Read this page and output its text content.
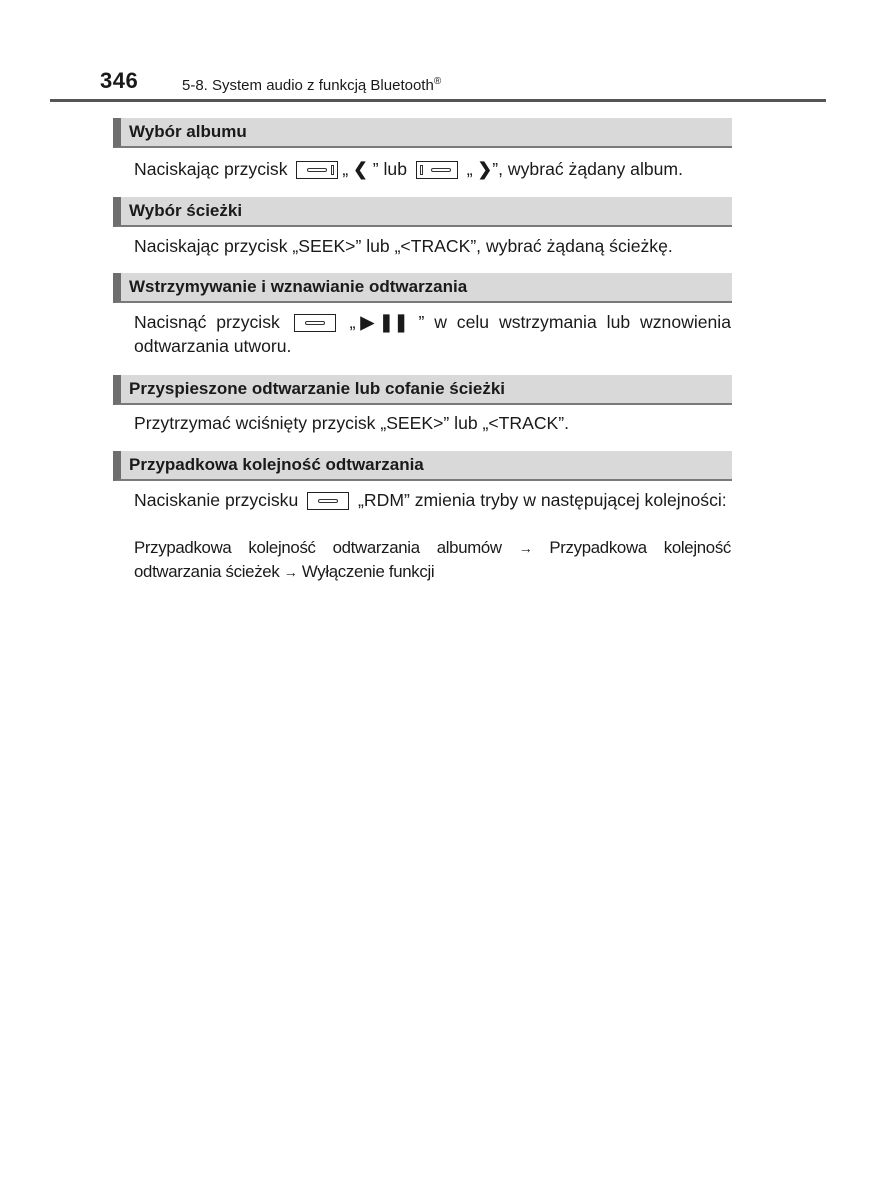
346	5-8. System audio z funkcją Bluetooth®
Wybór albumu
Naciskając przycisk	„ ❮ ” lub	„ ❯”, wybrać żądany album.
Wybór ścieżki
Naciskając przycisk „SEEK>” lub „<TRACK”, wybrać żądaną ścieżkę.
Wstrzymywanie i wznawianie odtwarzania
Nacisnąć przycisk	„▶❚❚ ” w celu wstrzymania lub wznowienia odtwarzania utworu.
Przyspieszone odtwarzanie lub cofanie ścieżki
Przytrzymać wciśnięty przycisk „SEEK>” lub „<TRACK”.
Przypadkowa kolejność odtwarzania
Naciskanie przycisku	„RDM” zmienia tryby w następującej kolejności:
Przypadkowa kolejność odtwarzania albumów → Przypadkowa kolejność odtwarzania ścieżek → Wyłączenie funkcji
